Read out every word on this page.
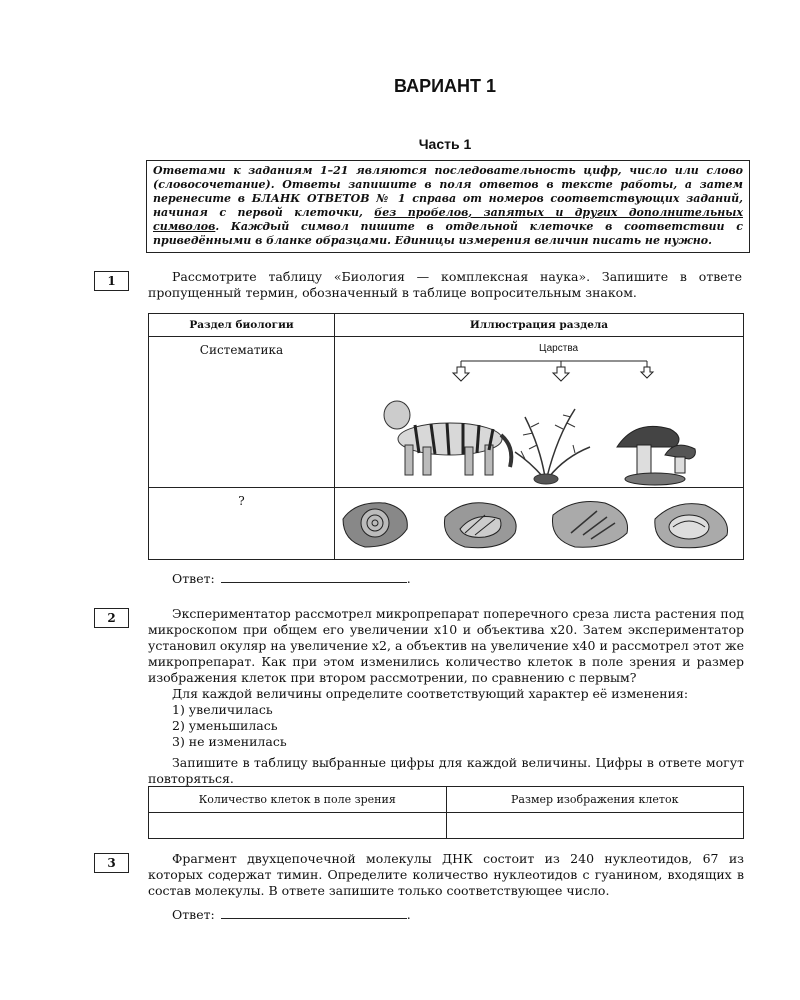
ВАРИАНТ 1
Часть 1
Ответами к заданиям 1–21 являются последовательность цифр, число или слово (словосочетание). Ответы запишите в поля ответов в тексте работы, а затем перенесите в БЛАНК ОТВЕТОВ № 1 справа от номеров соответствующих заданий, начиная с первой клеточки, без пробелов, запятых и других дополнительных символов. Каждый символ пишите в отдельной клеточке в соответствии с приведёнными в бланке образцами. Единицы измерения величин писать не нужно.
1	Рассмотрите таблицу «Биология — комплексная наука». Запишите в ответе пропущенный термин, обозначенный в таблице вопросительным знаком.

Раздел биологии	Иллюстрация раздела
Систематика	Царства

?	
Ответ:	.
2	Экспериментатор рассмотрел микропрепарат поперечного среза листа растения под микроскопом при общем его увеличении х10 и объектива х20. Затем экспериментатор установил окуляр на увеличение х2, а объектив на увеличение х40 и рассмотрел этот же микропрепарат. Как при этом изменились количество клеток в поле зрения и размер изображения клеток при втором рассмотрении, по сравнению с первым?

Для каждой величины определите соответствующий характер её изменения:

1) увеличилась

2) уменьшилась

3) не изменилась

Запишите в таблицу выбранные цифры для каждой величины. Цифры в ответе могут повторяться.

Количество клеток в поле зрения	Размер изображения клеток

3	Фрагмент двухцепочечной молекулы ДНК состоит из 240 нуклеотидов, 67 из которых содержат тимин. Определите количество нуклеотидов с гуанином, входящих в состав молекулы. В ответе запишите только соответствующее число.

Ответ:	.
